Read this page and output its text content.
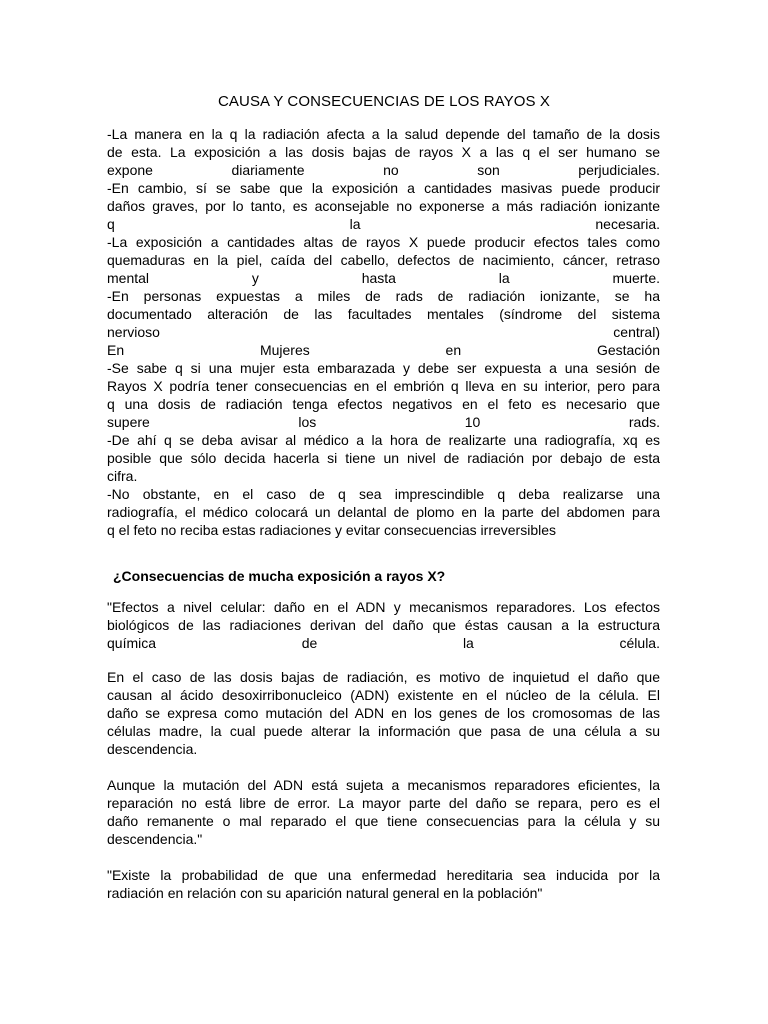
CAUSA Y CONSECUENCIAS DE LOS RAYOS X
-La manera en la q la radiación afecta a la salud depende del tamaño de la dosis
de esta. La exposición a las dosis bajas de rayos X a las q el ser humano se
expone diariamente no son perjudiciales.
-En cambio, sí se sabe que la exposición a cantidades masivas puede producir
daños graves, por lo tanto, es aconsejable no exponerse a más radiación ionizante
q la necesaria.
-La exposición a cantidades altas de rayos X puede producir efectos tales como
quemaduras en la piel, caída del cabello, defectos de nacimiento, cáncer, retraso
mental y hasta la muerte.
-En personas expuestas a miles de rads de radiación ionizante, se ha
documentado alteración de las facultades mentales (síndrome del sistema
nervioso central)
En Mujeres en Gestación
-Se sabe q si una mujer esta embarazada y debe ser expuesta a una sesión de
Rayos X podría tener consecuencias en el embrión q lleva en su interior, pero para
q una dosis de radiación tenga efectos negativos en el feto es necesario que
supere los 10 rads.
-De ahí q se deba avisar al médico a la hora de realizarte una radiografía, xq es
posible que sólo decida hacerla si tiene un nivel de radiación por debajo de esta
cifra.
-No obstante, en el caso de q sea imprescindible q deba realizarse una
radiografía, el médico colocará un delantal de plomo en la parte del abdomen para
q el feto no reciba estas radiaciones y evitar consecuencias irreversibles
¿Consecuencias de mucha exposición a rayos X?
"Efectos a nivel celular: daño en el ADN y mecanismos reparadores. Los efectos
biológicos de las radiaciones derivan del daño que éstas causan a la estructura
química de la célula.
En el caso de las dosis bajas de radiación, es motivo de inquietud el daño que
causan al ácido desoxirribonucleico (ADN) existente en el núcleo de la célula. El
daño se expresa como mutación del ADN en los genes de los cromosomas de las
células madre, la cual puede alterar la información que pasa de una célula a su
descendencia.
Aunque la mutación del ADN está sujeta a mecanismos reparadores eficientes, la
reparación no está libre de error. La mayor parte del daño se repara, pero es el
daño remanente o mal reparado el que tiene consecuencias para la célula y su
descendencia."
"Existe la probabilidad de que una enfermedad hereditaria sea inducida por la
radiación en relación con su aparición natural general en la población"
